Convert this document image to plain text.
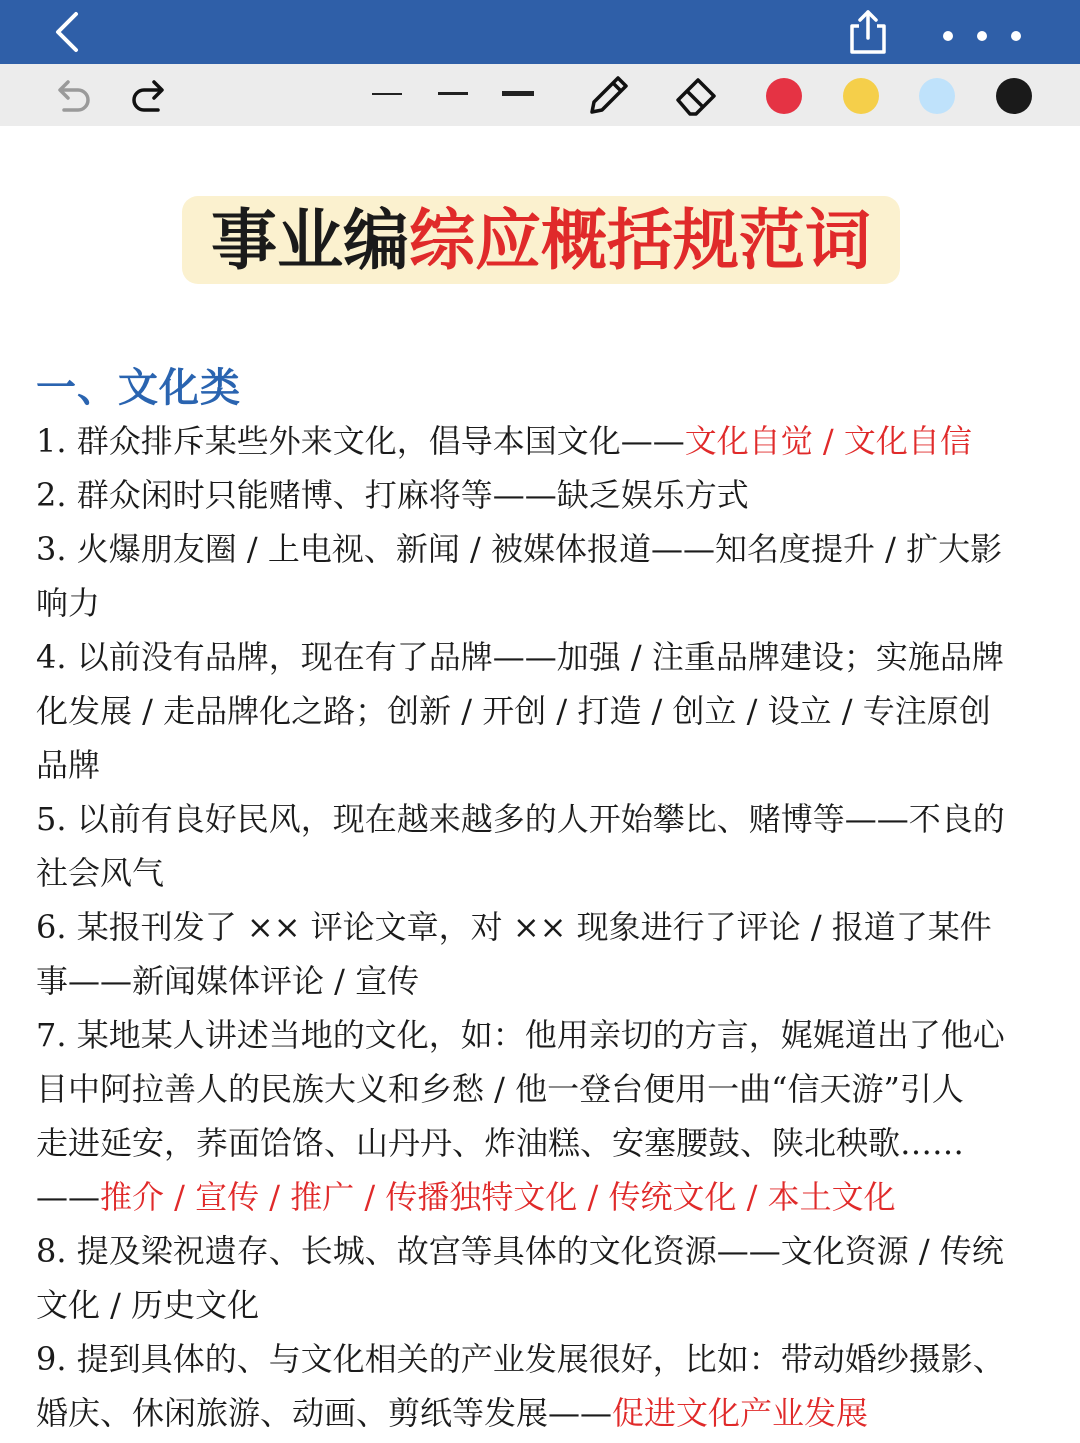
事业编 综应概括规范词
一、文化类
1. 群众排斥某些外来文化，倡导本国文化——文化自觉 / 文化自信
2. 群众闲时只能赌博、打麻将等——缺乏娱乐方式
3. 火爆朋友圈 / 上电视、新闻 / 被媒体报道——知名度提升 / 扩大影
响力
4. 以前没有品牌，现在有了品牌——加强 / 注重品牌建设；实施品牌
化发展 / 走品牌化之路；创新 / 开创 / 打造 / 创立 / 设立 / 专注原创
品牌
5. 以前有良好民风，现在越来越多的人开始攀比、赌博等——不良的
社会风气
6. 某报刊发了 ×× 评论文章，对 ×× 现象进行了评论 / 报道了某件
事——新闻媒体评论 / 宣传
7. 某地某人讲述当地的文化，如：他用亲切的方言，娓娓道出了他心
目中阿拉善人的民族大义和乡愁 / 他一登台便用一曲“信天游”引人
走进延安，荞面饸饹、山丹丹、炸油糕、安塞腰鼓、陕北秧歌……
——推介 / 宣传 / 推广 / 传播独特文化 / 传统文化 / 本土文化
8. 提及梁祝遗存、长城、故宫等具体的文化资源——文化资源 / 传统
文化 / 历史文化
9. 提到具体的、与文化相关的产业发展很好，比如：带动婚纱摄影、
婚庆、休闲旅游、动画、剪纸等发展——促进文化产业发展
